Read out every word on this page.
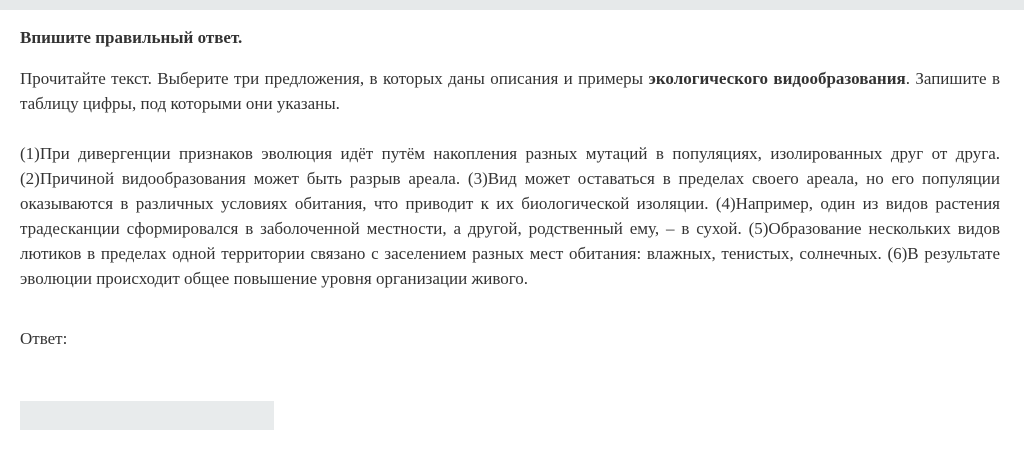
Впишите правильный ответ.

Прочитайте текст. Выберите три предложения, в которых даны описания и примеры экологического видообразования. Запишите в таблицу цифры, под которыми они указаны.
(1)При дивергенции признаков эволюция идёт путём накопления разных мутаций в популяциях, изолированных друг от друга. (2)Причиной видообразования может быть разрыв ареала. (3)Вид может оставаться в пределах своего ареала, но его популяции оказываются в различных условиях обитания, что приводит к их биологической изоляции. (4)Например, один из видов растения традесканции сформировался в заболоченной местности, а другой, родственный ему, – в сухой. (5)Образование нескольких видов лютиков в пределах одной территории связано с заселением разных мест обитания: влажных, тенистых, солнечных. (6)В результате эволюции происходит общее повышение уровня организации живого.
Ответ:
